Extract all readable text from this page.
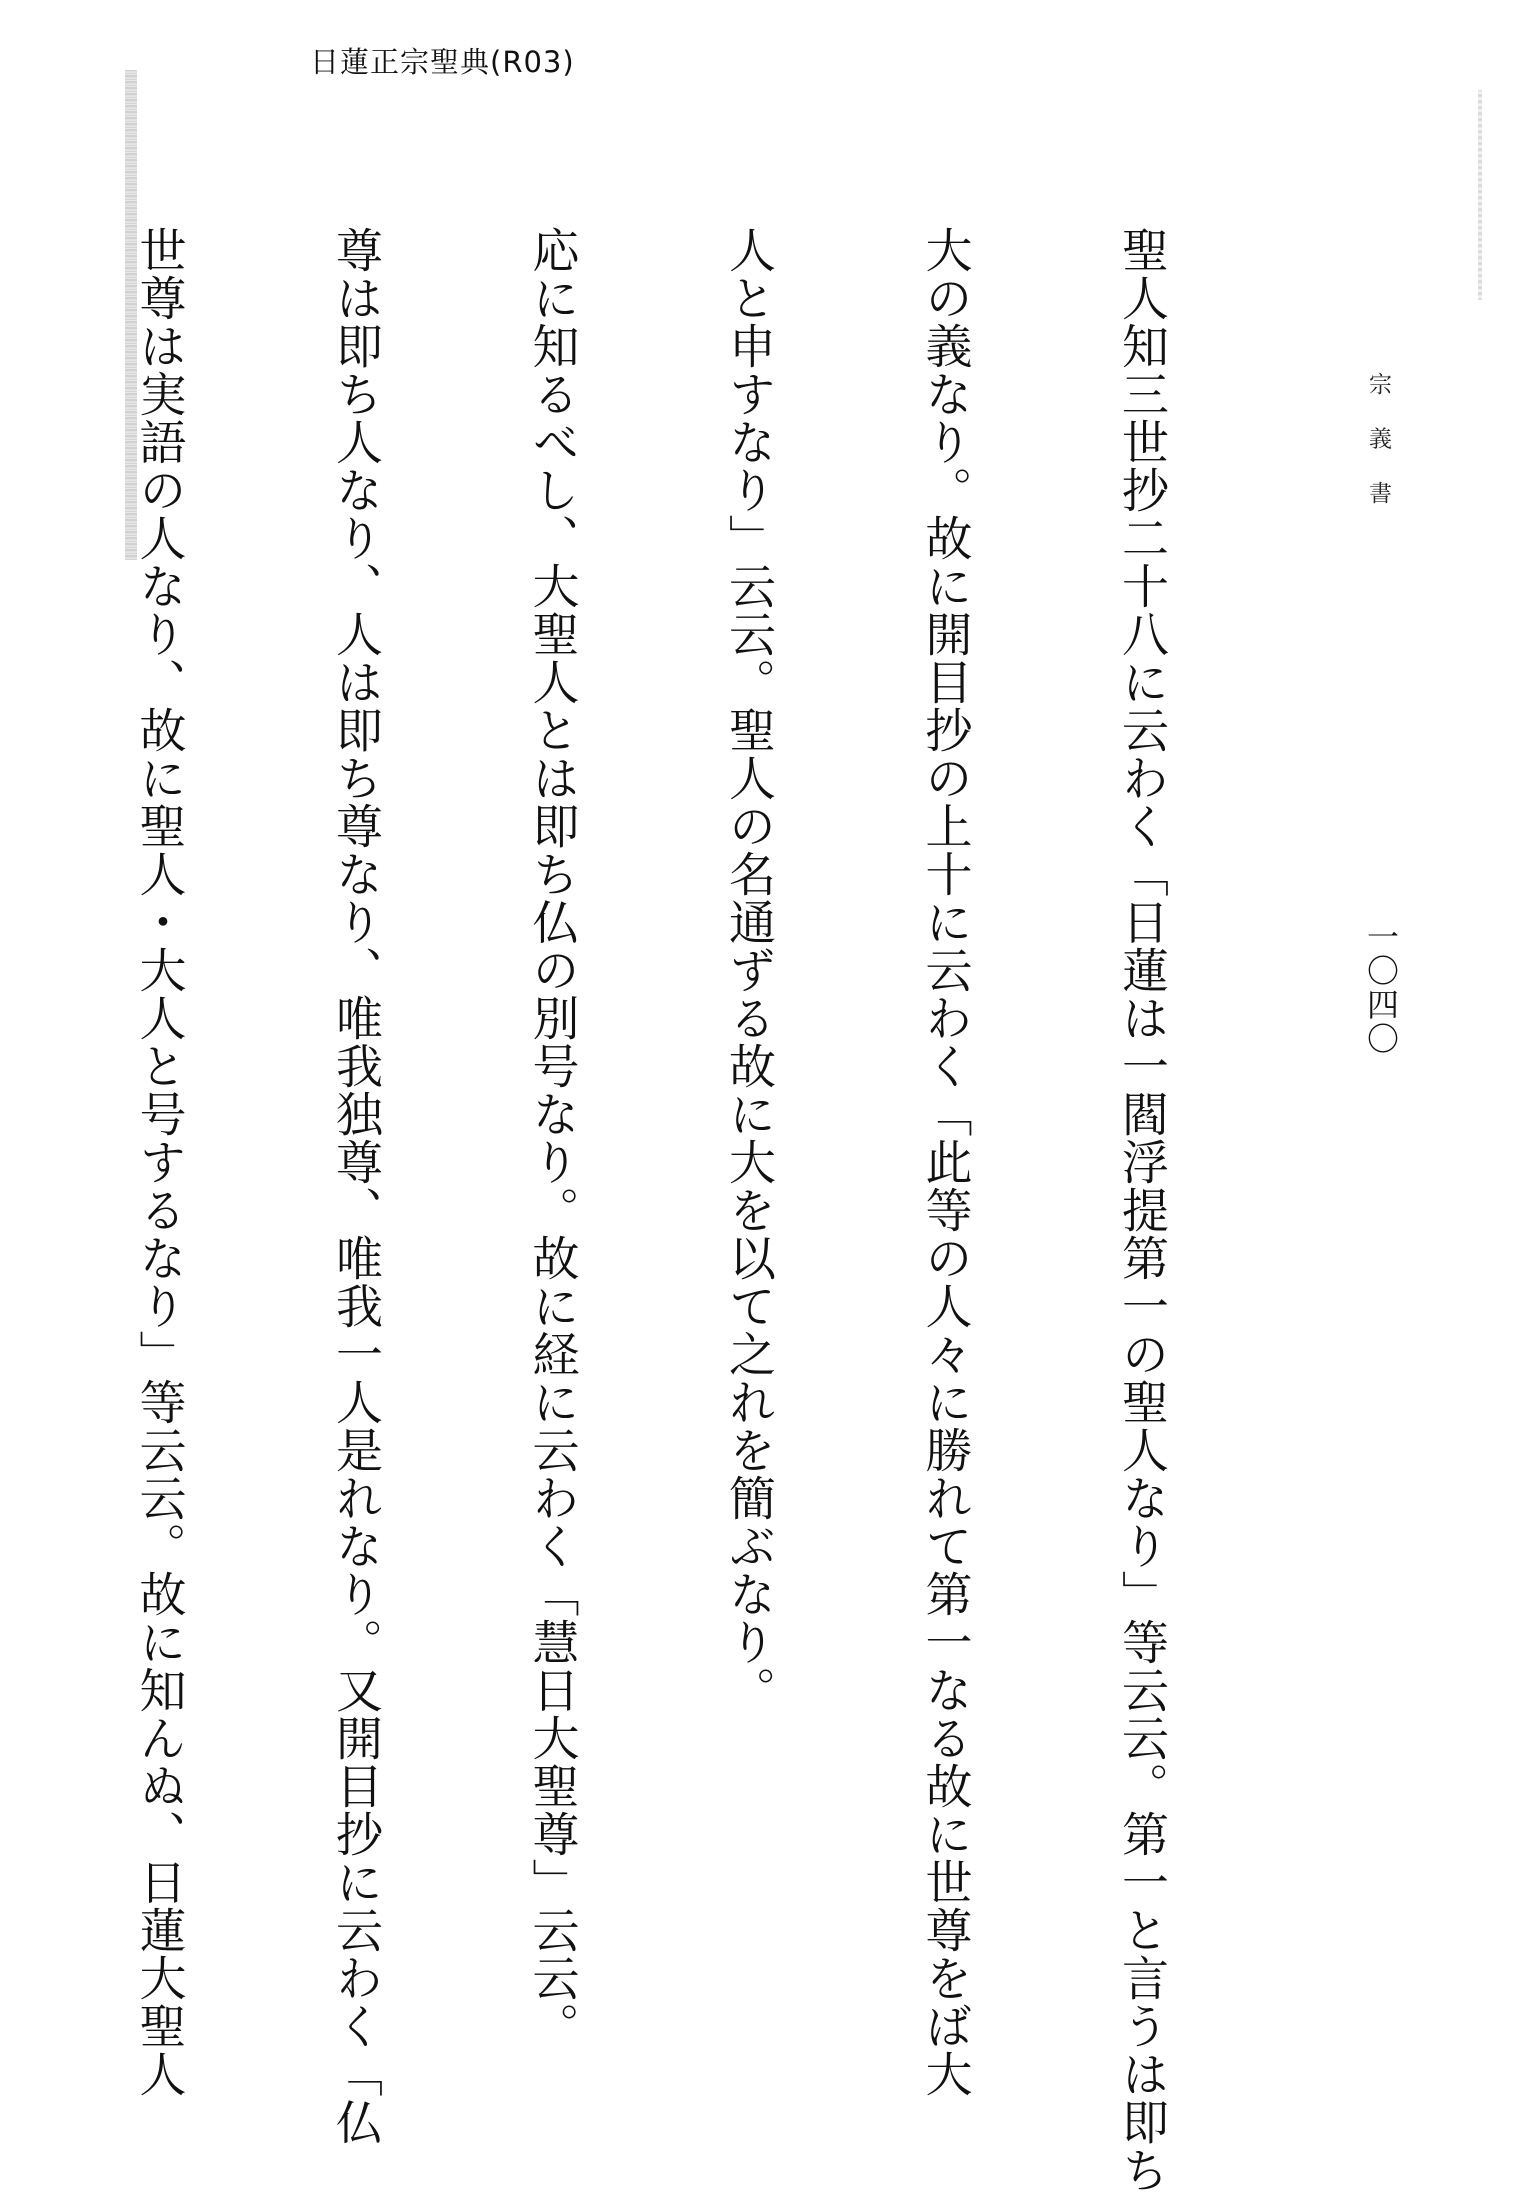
日蓮正宗聖典(R03)
宗 義 書
一〇四〇

聖人知三世抄二十八に云わく「日蓮は一閻浮提第一の聖人なり」等云云。第一と言うは即ち

大の義なり。故に開目抄の上十に云わく「此等の人々に勝れて第一なる故に世尊をば大

人と申すなり」云云。聖人の名通ずる故に大を以て之れを簡ぶなり。

応に知るべし、大聖人とは即ち仏の別号なり。故に経に云わく「慧日大聖尊」云云。

尊は即ち人なり、人は即ち尊なり、唯我独尊、唯我一人是れなり。又開目抄に云わく「仏

世尊は実語の人なり、故に聖人・大人と号するなり」等云云。故に知んぬ、日蓮大聖人
